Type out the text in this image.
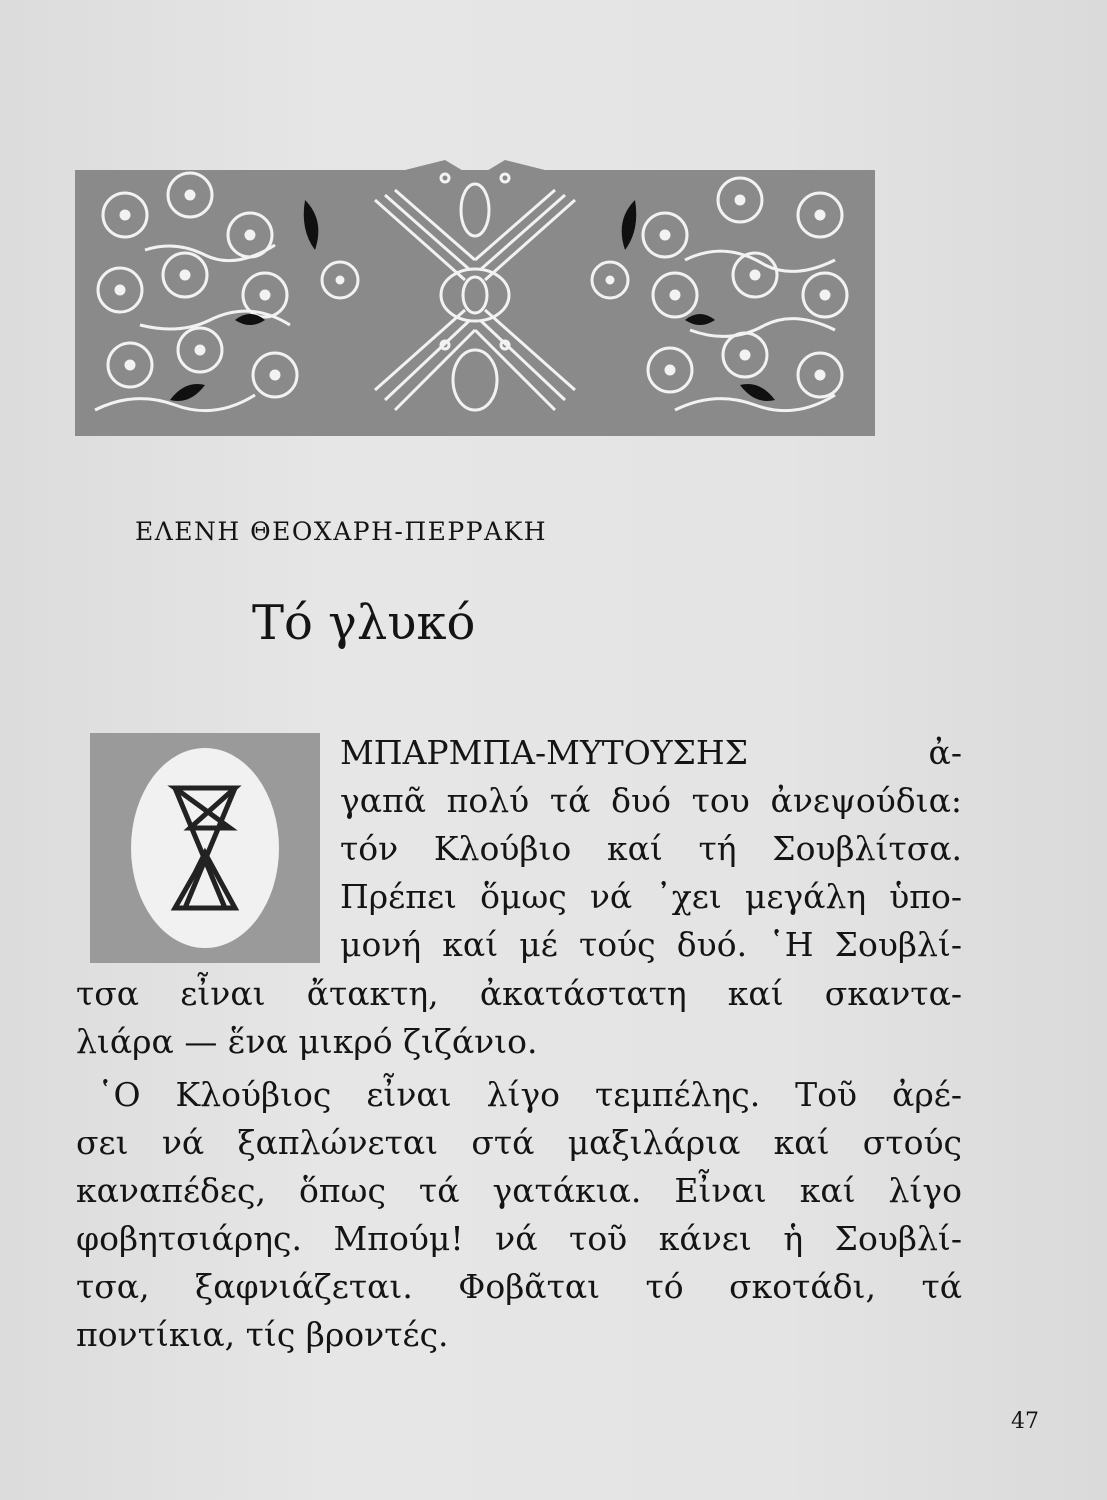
ΕΛΕΝΗ ΘΕΟΧΑΡΗ-ΠΕΡΡΑΚΗ
Τό γλυκό
Ο ΜΠΑΡΜΠΑ-ΜΥΤΟΥΣΗΣ ἀ-
γαπᾶ πολύ τά δυό του ἀνεψούδια:
τόν Κλούβιο καί τή Σουβλίτσα.
Πρέπει ὅμως νά ᾽χει μεγάλη ὑπο-
μονή καί μέ τούς δυό. ῾Η Σουβλί-
τσα εἶναι ἄτακτη, ἀκατάστατη καί σκαντα-
λιάρα — ἕνα μικρό ζιζάνιο.
῾Ο Κλούβιος εἶναι λίγο τεμπέλης. Τοῦ ἀρέ-
σει νά ξαπλώνεται στά μαξιλάρια καί στούς
καναπέδες, ὅπως τά γατάκια. Εἶναι καί λίγο
φοβητσιάρης. Μπούμ! νά τοῦ κάνει ἡ Σουβλί-
τσα, ξαφνιάζεται. Φοβᾶται τό σκοτάδι, τά
ποντίκια, τίς βροντές.
47
